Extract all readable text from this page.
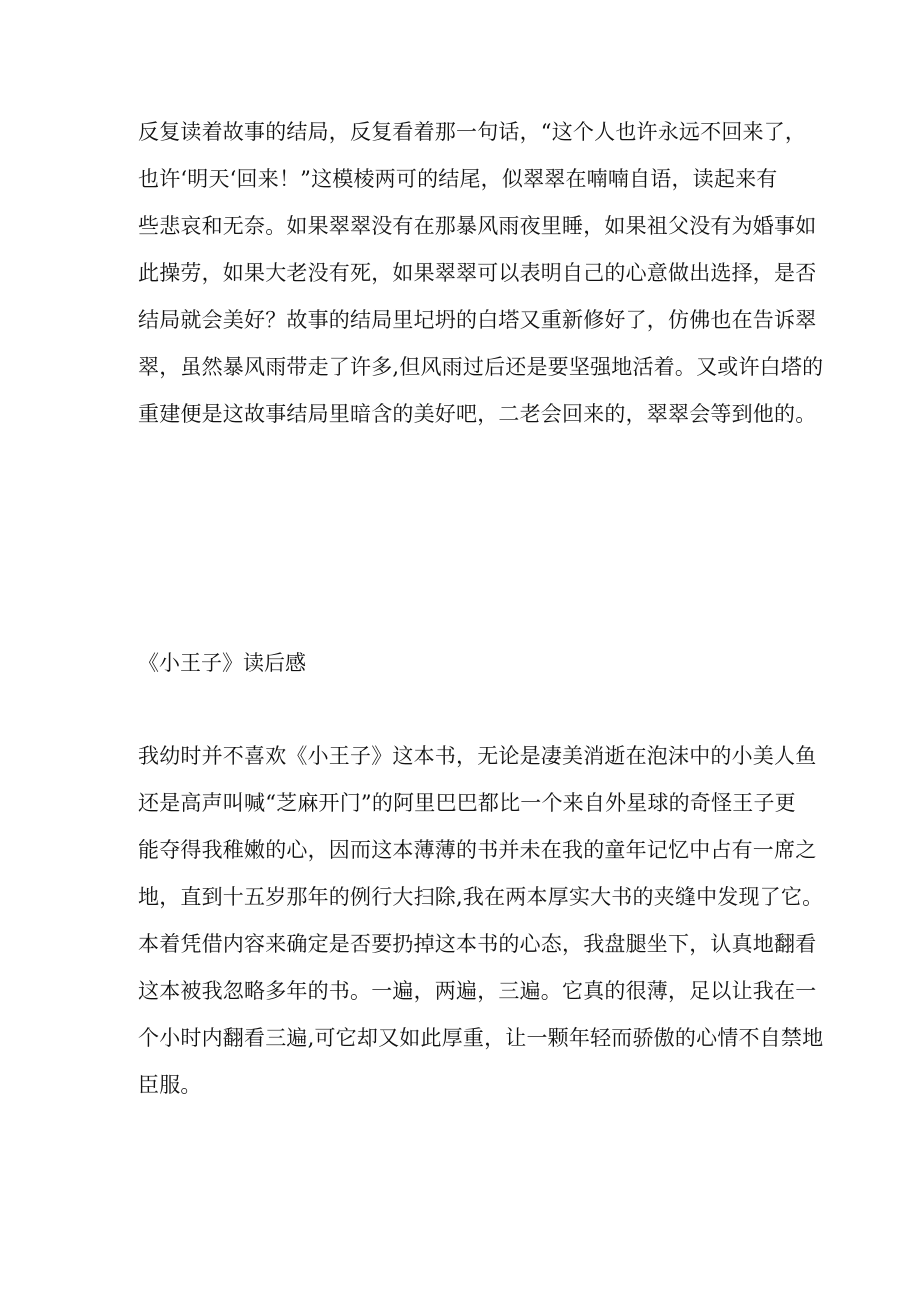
反复读着故事的结局，反复看着那一句话，“这个人也许永远不回来了，
也许‘明天‘回来！”这模棱两可的结尾，似翠翠在喃喃自语，读起来有
些悲哀和无奈。如果翠翠没有在那暴风雨夜里睡，如果祖父没有为婚事如
此操劳，如果大老没有死，如果翠翠可以表明自己的心意做出选择，是否
结局就会美好？故事的结局里圮坍的白塔又重新修好了，仿佛也在告诉翠
翠，虽然暴风雨带走了许多,但风雨过后还是要坚强地活着。又或许白塔的
重建便是这故事结局里暗含的美好吧，二老会回来的，翠翠会等到他的。
《小王子》读后感
我幼时并不喜欢《小王子》这本书，无论是凄美消逝在泡沫中的小美人鱼
还是高声叫喊“芝麻开门”的阿里巴巴都比一个来自外星球的奇怪王子更
能夺得我稚嫩的心，因而这本薄薄的书并未在我的童年记忆中占有一席之
地，直到十五岁那年的例行大扫除,我在两本厚实大书的夹缝中发现了它。
本着凭借内容来确定是否要扔掉这本书的心态，我盘腿坐下，认真地翻看
这本被我忽略多年的书。一遍，两遍，三遍。它真的很薄，足以让我在一
个小时内翻看三遍,可它却又如此厚重，让一颗年轻而骄傲的心情不自禁地
臣服。
